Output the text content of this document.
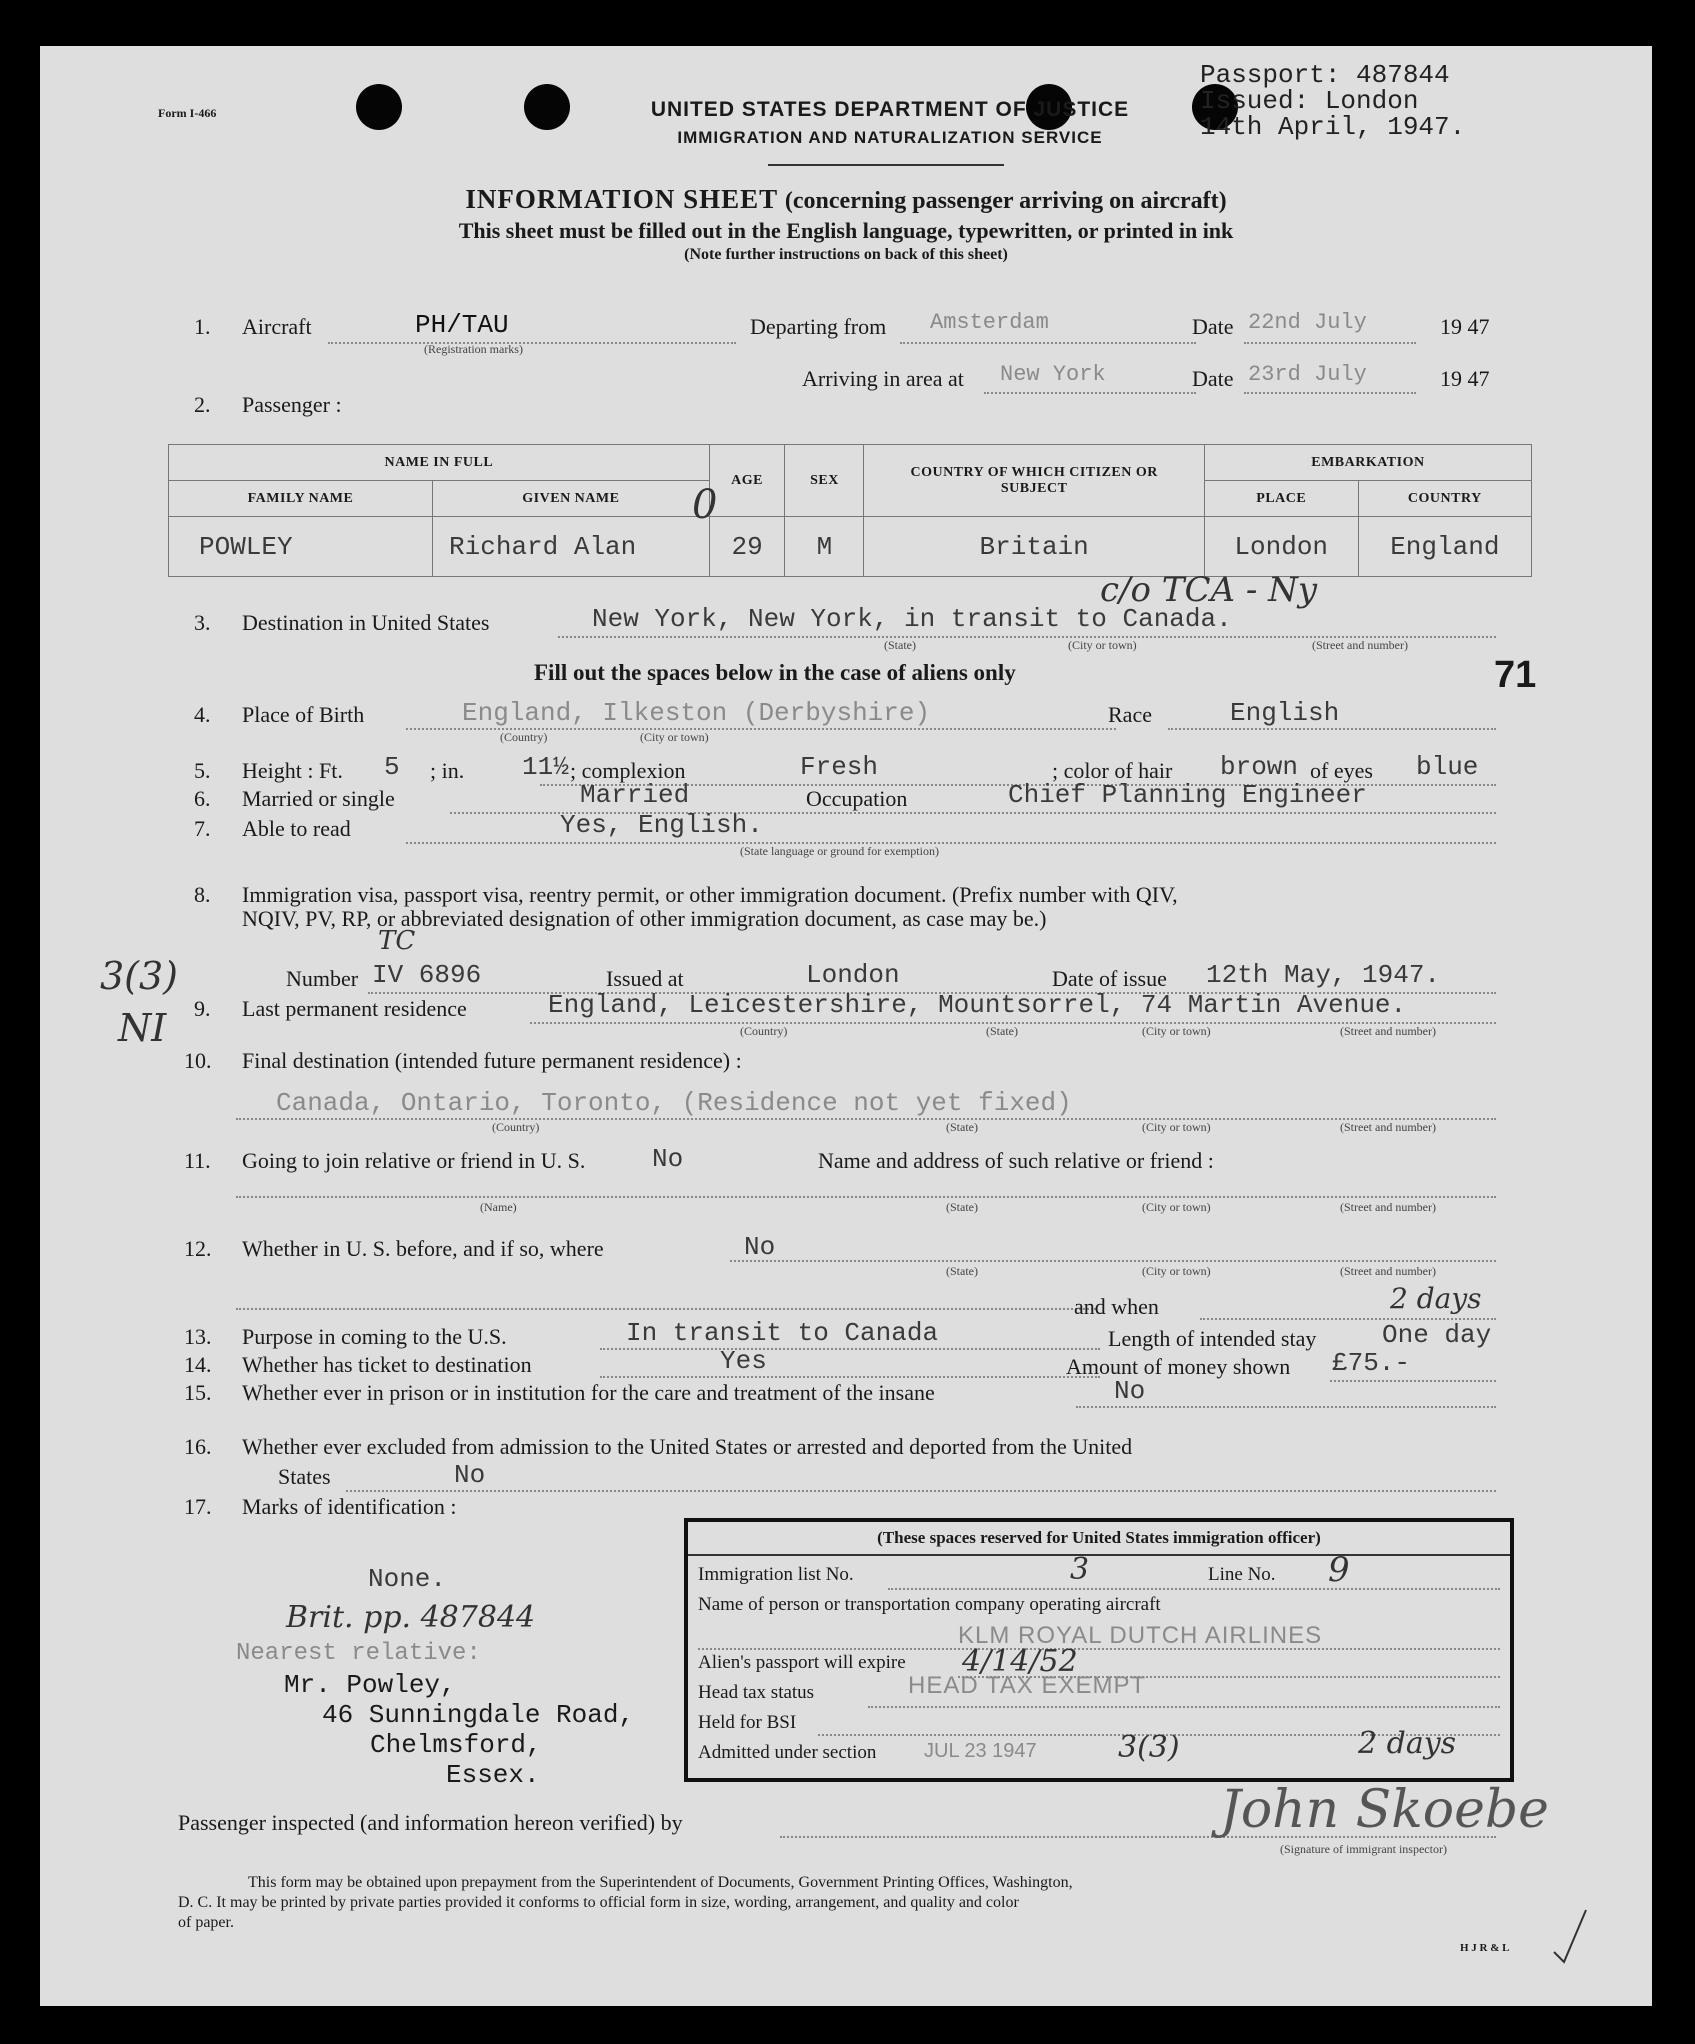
Form I-466	UNITED STATES DEPARTMENT OF JUSTICE
IMMIGRATION AND NATURALIZATION SERVICE
Passport: 487844
Issued: London
14th April, 1947.
INFORMATION SHEET (concerning passenger arriving on aircraft)
This sheet must be filled out in the English language, typewritten, or printed in ink
(Note further instructions on back of this sheet)
1. Aircraft	PH/TAU
(Registration marks)
Departing from Amsterdam	Date 22nd July	19 47
Arriving in area at New York	Date 23rd July	19 47
2. Passenger :
NAME IN FULL		AGE	SEX	COUNTRY OF WHICH CITIZEN OR SUBJECT	EMBARKATION	
FAMILY NAME	GIVEN NAME				PLACE	COUNTRY
POWLEY	Richard Alan	29	M	Britain	London	England
0
3. Destination in United States	New York, New York, in transit to Canada.
c/o TCA - Ny
(State)	(City or town)	(Street and number)
Fill out the spaces below in the case of aliens only	71
4. Place of Birth	England, Ilkeston (Derbyshire)
(Country)	(City or town)
Race	English
5. Height : Ft. 5 ; in. 11½ ; complexion	Fresh	; color of hair brown of eyes blue
6. Married or single	Married	Occupation	Chief Planning Engineer
7. Able to read	Yes, English.
(State language or ground for exemption)
8. Immigration visa, passport visa, reentry permit, or other immigration document. (Prefix number with QIV,
NQIV, PV, RP, or abbreviated designation of other immigration document, as case may be.)
Number
TC
IV 6896	Issued at	London	Date of issue 12th May, 1947.
3(3)
NI 9. Last permanent residence	England, Leicestershire, Mountsorrel, 74 Martin Avenue.
(Country)	(State)	(City or town)	(Street and number)
10. Final destination (intended future permanent residence) :
Canada, Ontario, Toronto, (Residence not yet fixed)
(Country)	(State)	(City or town)	(Street and number)
11. Going to join relative or friend in U. S.	No	Name and address of such relative or friend :
(Name)	(State)	(City or town)	(Street and number)
12. Whether in U. S. before, and if so, where	No
(State)	(City or town)	(Street and number)
and when	2 days
13. Purpose in coming to the U.S.	In transit to Canada	Length of intended stay	One day
14. Whether has ticket to destination	Yes	Amount of money shown £75.-
15. Whether ever in prison or in institution for the care and treatment of the insane	No
16. Whether ever excluded from admission to the United States or arrested and deported from the United
States	No
17. Marks of identification :
None.
Brit. pp. 487844
Nearest relative:
Mr. Powley,
46 Sunningdale Road,
Chelmsford,
Essex.
(These spaces reserved for United States immigration officer)
Immigration list No.	3	Line No. 9
Name of person or transportation company operating aircraft
KLM ROYAL DUTCH AIRLINES
Alien's passport will expire 4/14/52
Head tax status	HEAD TAX EXEMPT
Held for BSI
Admitted under section JUL 23 1947	3(3)	2 days
Passenger inspected (and information hereon verified) by	John Skoebe
(Signature of immigrant inspector)
This form may be obtained upon prepayment from the Superintendent of Documents, Government Printing Offices, Washington,
D. C. It may be printed by private parties provided it conforms to official form in size, wording, arrangement, and quality and color
of paper.
H J R & L
